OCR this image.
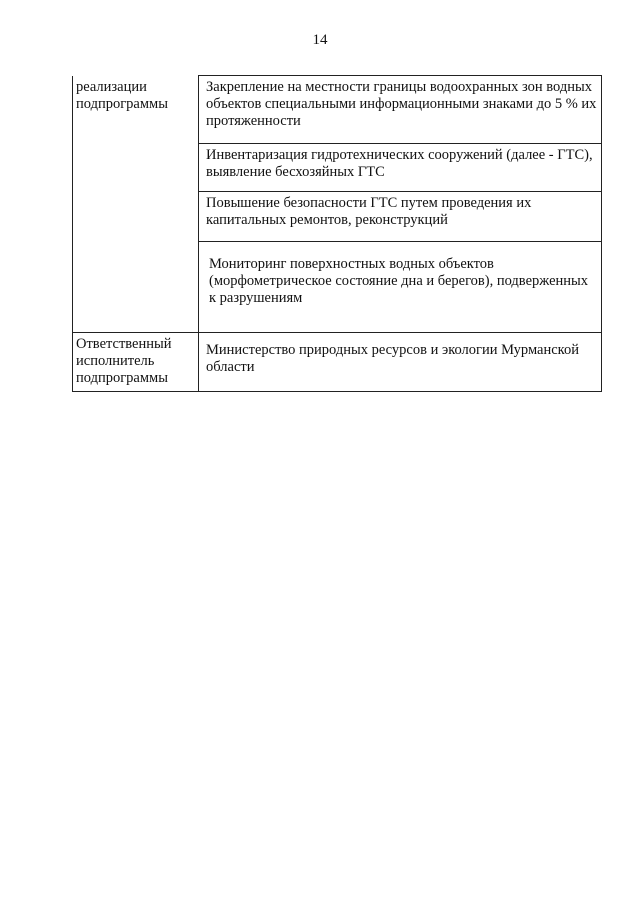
14
реализации подпрограммы	Закрепление на местности границы водоохранных зон водных объектов специальными информационными знаками до 5 % их протяженности
	Инвентаризация гидротехнических сооружений (далее - ГТС), выявление бесхозяйных ГТС
	Повышение безопасности ГТС путем проведения их капитальных ремонтов, реконструкций
	Мониторинг поверхностных водных объектов (морфометрическое состояние дна и берегов), подверженных к разрушениям
Ответственный исполнитель подпрограммы	Министерство природных ресурсов и экологии Мурманской области
